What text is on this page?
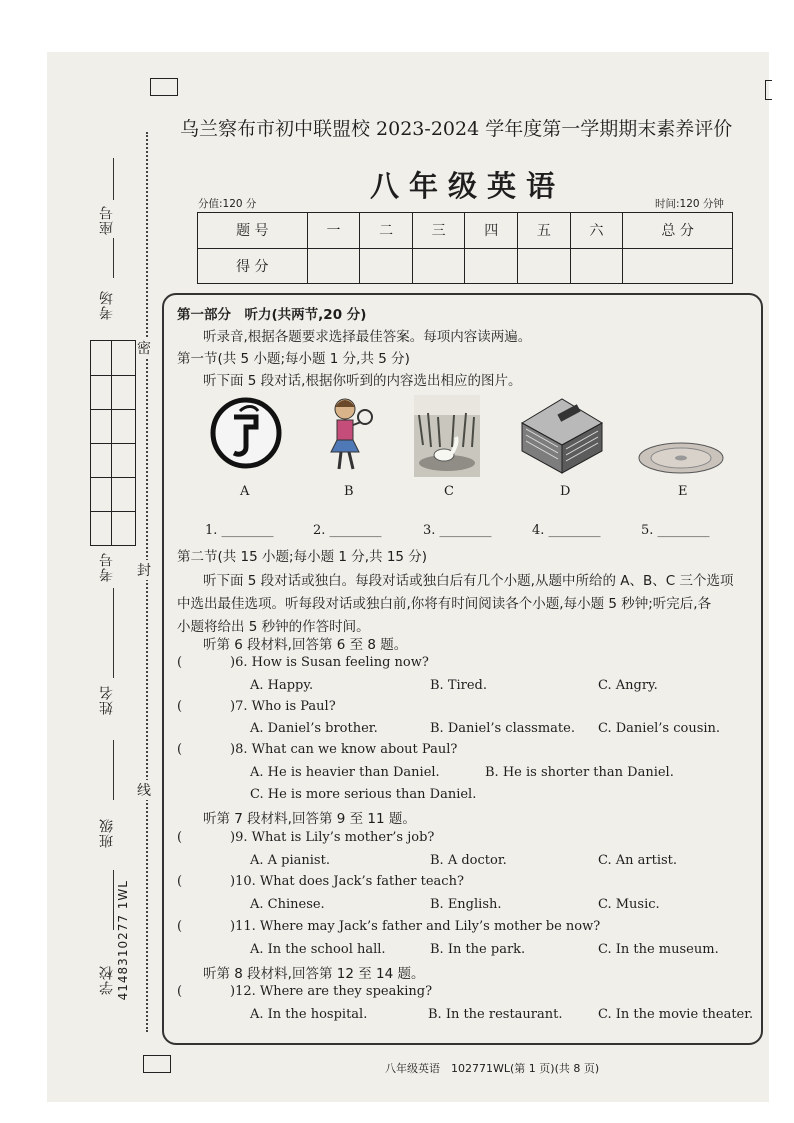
座号
考场
考号
姓名
班级
学校 4148310277 1WL
密
封
线
乌兰察布市初中联盟校 2023-2024 学年度第一学期期末素养评价
八年级英语
分值:120 分	时间:120 分钟
题 号	一	二	三	四	五	六	总 分
得 分							
第一部分　听力(共两节,20 分)
听录音,根据各题要求选择最佳答案。每项内容读两遍。
第一节(共 5 小题;每小题 1 分,共 5 分)
听下面 5 段对话,根据你听到的内容选出相应的图片。
A	B	C	D	E
1. ________	2. ________	3. ________	4. ________	5. ________
第二节(共 15 小题;每小题 1 分,共 15 分)
听下面 5 段对话或独白。每段对话或独白后有几个小题,从题中所给的 A、B、C 三个选项
中选出最佳选项。听每段对话或独白前,你将有时间阅读各个小题,每小题 5 秒钟;听完后,各
小题将给出 5 秒钟的作答时间。
听第 6 段材料,回答第 6 至 8 题。
(	)6. How is Susan feeling now?
A. Happy.	B. Tired.	C. Angry.
(	)7. Who is Paul?
A. Daniel’s brother.	B. Daniel’s classmate. C. Daniel’s cousin.
(	)8. What can we know about Paul?
A. He is heavier than Daniel.	B. He is shorter than Daniel.
C. He is more serious than Daniel.
听第 7 段材料,回答第 9 至 11 题。
(	)9. What is Lily’s mother’s job?
A. A pianist.	B. A doctor.	C. An artist.
(	)10. What does Jack’s father teach?
A. Chinese.	B. English.	C. Music.
(	)11. Where may Jack’s father and Lily’s mother be now?
A. In the school hall.	B. In the park.	C. In the museum.
听第 8 段材料,回答第 12 至 14 题。
(	)12. Where are they speaking?
A. In the hospital.	B. In the restaurant.	C. In the movie theater.
八年级英语　102771WL(第 1 页)(共 8 页)
